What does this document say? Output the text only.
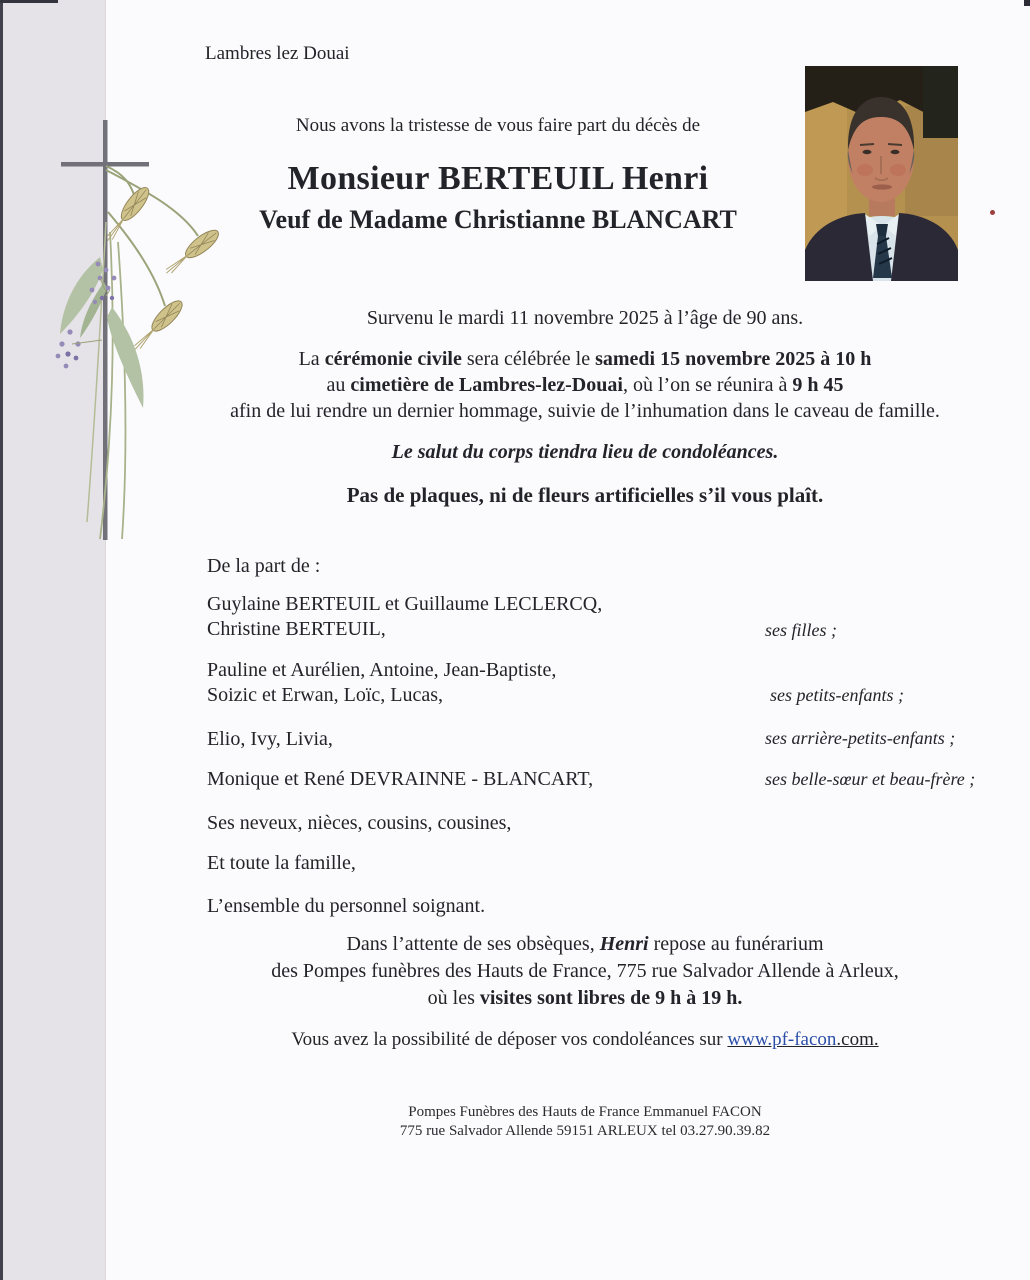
Lambres lez Douai
Nous avons la tristesse de vous faire part du décès de
Monsieur BERTEUIL Henri
Veuf de Madame Christianne BLANCART
Survenu le mardi 11 novembre 2025 à l’âge de 90 ans.
La cérémonie civile sera célébrée le samedi 15 novembre 2025 à 10 h
au cimetière de Lambres-lez-Douai, où l’on se réunira à 9 h 45
afin de lui rendre un dernier hommage, suivie de l’inhumation dans le caveau de famille.
Le salut du corps tiendra lieu de condoléances.
Pas de plaques, ni de fleurs artificielles s’il vous plaît.
De la part de :
Guylaine BERTEUIL et Guillaume LECLERCQ,
Christine BERTEUIL,	ses filles ;
Pauline et Aurélien, Antoine, Jean-Baptiste,
Soizic et Erwan, Loïc, Lucas,	ses petits-enfants ;
Elio, Ivy, Livia,	ses arrière-petits-enfants ;
Monique et René DEVRAINNE - BLANCART,	ses belle-sœur et beau-frère ;
Ses neveux, nièces, cousins, cousines,
Et toute la famille,
L’ensemble du personnel soignant.
Dans l’attente de ses obsèques, Henri repose au funérarium
des Pompes funèbres des Hauts de France, 775 rue Salvador Allende à Arleux,
où les visites sont libres de 9 h à 19 h.
Vous avez la possibilité de déposer vos condoléances sur www.pf-facon.com.
Pompes Funèbres des Hauts de France Emmanuel FACON
775 rue Salvador Allende 59151 ARLEUX tel 03.27.90.39.82
